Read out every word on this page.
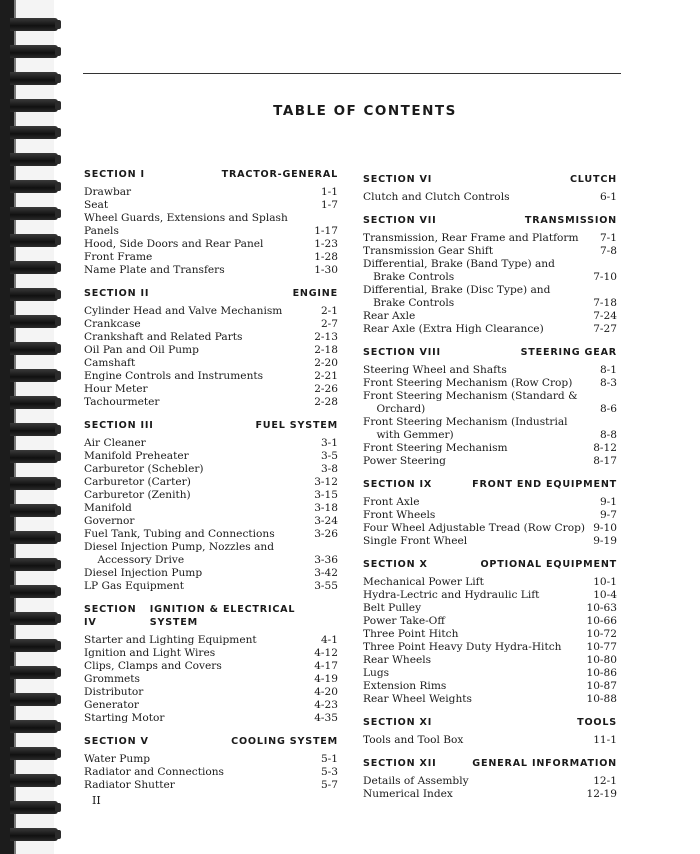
TABLE OF CONTENTS
SECTION I	TRACTOR-GENERAL
Drawbar	1-1
Seat	1-7
Wheel Guards, Extensions and Splash Panels	1-17
Hood, Side Doors and Rear Panel	1-23
Front Frame	1-28
Name Plate and Transfers	1-30
SECTION II	ENGINE
Cylinder Head and Valve Mechanism	2-1
Crankcase	2-7
Crankshaft and Related Parts	2-13
Oil Pan and Oil Pump	2-18
Camshaft	2-20
Engine Controls and Instruments	2-21
Hour Meter	2-26
Tachourmeter	2-28
SECTION III	FUEL SYSTEM
Air Cleaner	3-1
Manifold Preheater	3-5
Carburetor (Schebler)	3-8
Carburetor (Carter)	3-12
Carburetor (Zenith)	3-15
Manifold	3-18
Governor	3-24
Fuel Tank, Tubing and Connections	3-26
Diesel Injection Pump, Nozzles and
Accessory Drive	3-36
Diesel Injection Pump	3-42
LP Gas Equipment	3-55
SECTION IV
IGNITION & ELECTRICAL SYSTEM
Starter and Lighting Equipment	4-1
Ignition and Light Wires	4-12
Clips, Clamps and Covers	4-17
Grommets	4-19
Distributor	4-20
Generator	4-23
Starting Motor	4-35
SECTION V	COOLING SYSTEM
Water Pump	5-1
Radiator and Connections	5-3
Radiator Shutter	5-7
SECTION VI	CLUTCH
Clutch and Clutch Controls	6-1
SECTION VII	TRANSMISSION
Transmission, Rear Frame and Platform	7-1
Transmission Gear Shift	7-8
Differential, Brake (Band Type) and
Brake Controls	7-10
Differential, Brake (Disc Type) and
Brake Controls	7-18
Rear Axle	7-24
Rear Axle (Extra High Clearance)	7-27
SECTION VIII	STEERING GEAR
Steering Wheel and Shafts	8-1
Front Steering Mechanism (Row Crop)	8-3
Front Steering Mechanism (Standard &
Orchard)	8-6
Front Steering Mechanism (Industrial
with Gemmer)	8-8
Front Steering Mechanism	8-12
Power Steering	8-17
SECTION IX	FRONT END EQUIPMENT
Front Axle	9-1
Front Wheels	9-7
Four Wheel Adjustable Tread (Row Crop) 9-10
Single Front Wheel	9-19
SECTION X	OPTIONAL EQUIPMENT
Mechanical Power Lift	10-1
Hydra-Lectric and Hydraulic Lift	10-4
Belt Pulley	10-63
Power Take-Off	10-66
Three Point Hitch	10-72
Three Point Heavy Duty Hydra-Hitch	10-77
Rear Wheels	10-80
Lugs	10-86
Extension Rims	10-87
Rear Wheel Weights	10-88
SECTION XI	TOOLS
Tools and Tool Box	11-1
SECTION XII	GENERAL INFORMATION
Details of Assembly	12-1
Numerical Index	12-19
II
